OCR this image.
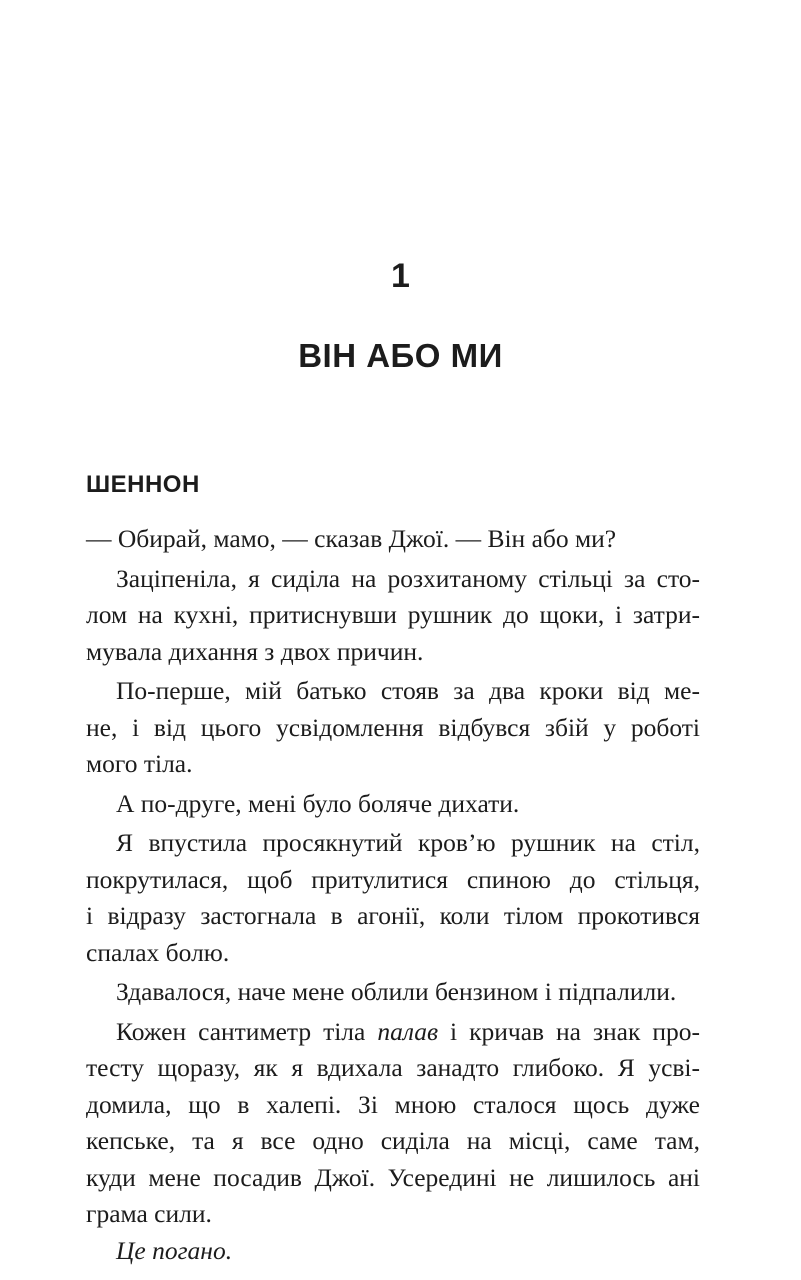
1
ВІН АБО МИ
ШЕННОН
— Обирай, мамо, — сказав Джої. — Він або ми?
Заціпеніла, я сиділа на розхитаному стільці за сто-
лом на кухні, притиснувши рушник до щоки, і затри-
мувала дихання з двох причин.
По-перше, мій батько стояв за два кроки від ме-
не, і від цього усвідомлення відбувся збій у роботі
мого тіла.
А по-друге, мені було боляче дихати.
Я впустила просякнутий кров’ю рушник на стіл,
покрутилася, щоб притулитися спиною до стільця,
і відразу застогнала в агонії, коли тілом прокотився
спалах болю.
Здавалося, наче мене облили бензином і підпалили.
Кожен сантиметр тіла палав і кричав на знак про-
тесту щоразу, як я вдихала занадто глибоко. Я усві-
домила, що в халепі. Зі мною сталося щось дуже
кепське, та я все одно сиділа на місці, саме там,
куди мене посадив Джої. Усередині не лишилось ані
грама сили.
Це погано.
